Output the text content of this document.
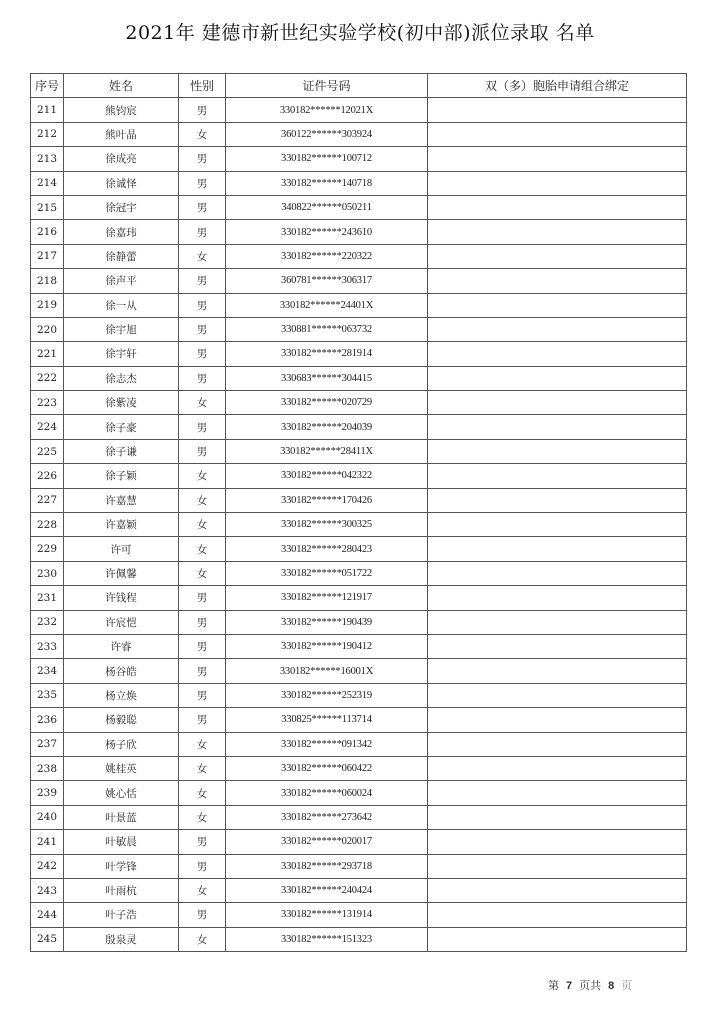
2021年 建德市新世纪实验学校(初中部)派位录取 名单
序号	姓名	性别	证件号码	双（多）胞胎申请组合绑定
211	熊钧宸	男	330182******12021X	
212	熊叶晶	女	360122******303924	
213	徐成亮	男	330182******100712	
214	徐诚怿	男	330182******140718	
215	徐冠宇	男	340822******050211	
216	徐嘉玮	男	330182******243610	
217	徐静蕾	女	330182******220322	
218	徐声平	男	360781******306317	
219	徐一从	男	330182******24401X	
220	徐宇旭	男	330881******063732	
221	徐宇轩	男	330182******281914	
222	徐志杰	男	330683******304415	
223	徐紫凌	女	330182******020729	
224	徐子豪	男	330182******204039	
225	徐子谦	男	330182******28411X	
226	徐子颖	女	330182******042322	
227	许嘉慧	女	330182******170426	
228	许嘉颖	女	330182******300325	
229	许可	女	330182******280423	
230	许佩馨	女	330182******051722	
231	许钱程	男	330182******121917	
232	许宸恺	男	330182******190439	
233	许睿	男	330182******190412	
234	杨谷皓	男	330182******16001X	
235	杨立焕	男	330182******252319	
236	杨毅聪	男	330825******113714	
237	杨子欣	女	330182******091342	
238	姚桂英	女	330182******060422	
239	姚心恬	女	330182******060024	
240	叶景蓝	女	330182******273642	
241	叶敏晨	男	330182******020017	
242	叶学锋	男	330182******293718	
243	叶雨杭	女	330182******240424	
244	叶子浩	男	330182******131914	
245	殷泉灵	女	330182******151323	
第 7 页共 8 页
